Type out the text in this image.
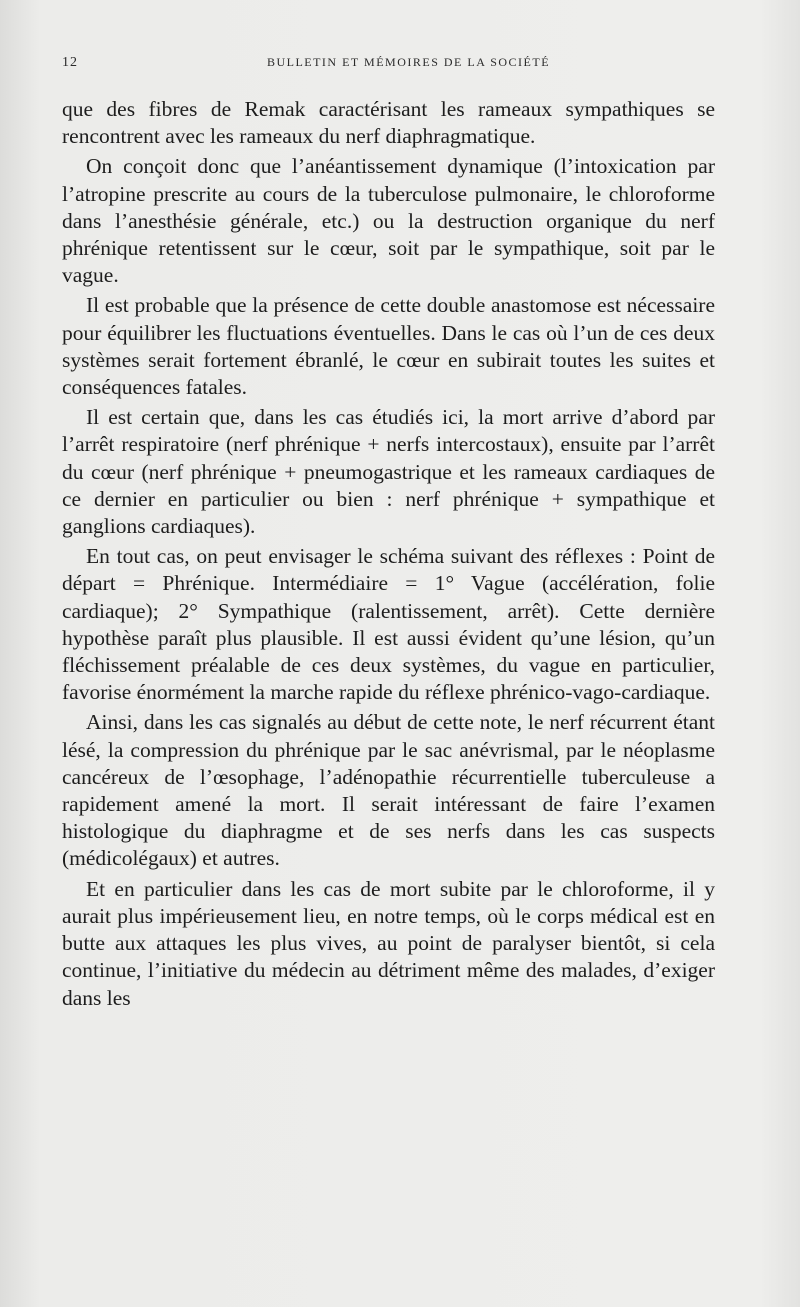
12	BULLETIN ET MÉMOIRES DE LA SOCIÉTÉ

que des fibres de Remak caractérisant les rameaux sympathiques se rencontrent avec les rameaux du nerf diaphragmatique.

On conçoit donc que l’anéantissement dynamique (l’intoxication par l’atropine prescrite au cours de la tuberculose pulmonaire, le chloroforme dans l’anesthésie générale, etc.) ou la destruction organique du nerf phrénique retentissent sur le cœur, soit par le sympathique, soit par le vague.

Il est probable que la présence de cette double anastomose est nécessaire pour équilibrer les fluctuations éventuelles. Dans le cas où l’un de ces deux systèmes serait fortement ébranlé, le cœur en subirait toutes les suites et conséquences fatales.

Il est certain que, dans les cas étudiés ici, la mort arrive d’abord par l’arrêt respiratoire (nerf phrénique + nerfs intercostaux), ensuite par l’arrêt du cœur (nerf phrénique + pneumogastrique et les rameaux cardiaques de ce dernier en particulier ou bien : nerf phrénique + sympathique et ganglions cardiaques).

En tout cas, on peut envisager le schéma suivant des réflexes : Point de départ = Phrénique. Intermédiaire = 1° Vague (accélération, folie cardiaque); 2° Sympathique (ralentissement, arrêt). Cette dernière hypothèse paraît plus plausible. Il est aussi évident qu’une lésion, qu’un fléchissement préalable de ces deux systèmes, du vague en particulier, favorise énormément la marche rapide du réflexe phrénico-vago-cardiaque.

Ainsi, dans les cas signalés au début de cette note, le nerf récurrent étant lésé, la compression du phrénique par le sac anévrismal, par le néoplasme cancéreux de l’œsophage, l’adénopathie récurrentielle tuberculeuse a rapidement amené la mort. Il serait intéressant de faire l’examen histologique du diaphragme et de ses nerfs dans les cas suspects (médicolégaux) et autres.

Et en particulier dans les cas de mort subite par le chloroforme, il y aurait plus impérieusement lieu, en notre temps, où le corps médical est en butte aux attaques les plus vives, au point de paralyser bientôt, si cela continue, l’initiative du médecin au détriment même des malades, d’exiger dans les
